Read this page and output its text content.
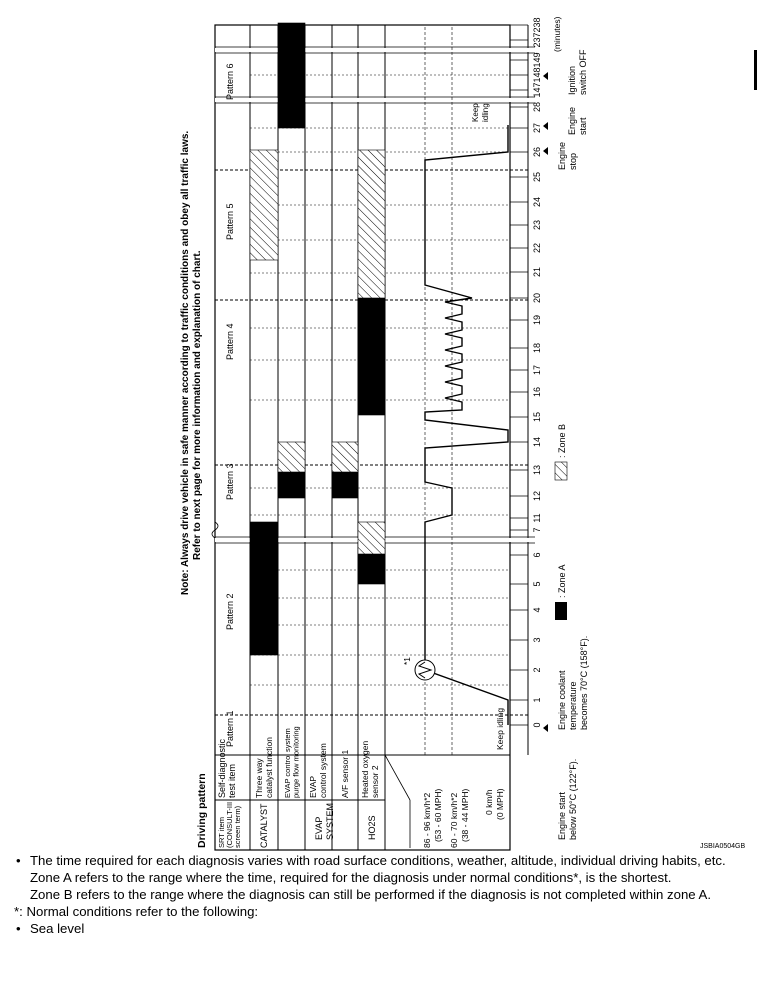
Driving pattern
Note: Always drive vehicle in safe manner according to traffic conditions and obey all traffic laws. Refer to next page for more information and explanation of chart.
SRT item (CONSULT-III screen term)
Self-diagnostic test item
CATALYST
Three way catalyst function
EVAP SYSTEM
EVAP control system purge flow monitoring EVAP control system
HO2S
A/F sensor 1 Heated oxygen sensor 2
86 - 96 km/h*2 (53 - 60 MPH) 60 - 70 km/h*2 (38 - 44 MPH) 0 km/h (0 MPH)
Keep idling
Pattern 1
Pattern 2
Pattern 3
Pattern 4
Pattern 5
Pattern 6
*1
Keep idling
0
1
2
3
4
5
6
7
11
12
13
14
15
16
17
18
19
20
21
22
23
24
25
26
27
28
147
148
149
237
238 (minutes)
Engine start below 50°C (122°F).
Engine coolant temperature becomes 70°C (158°F).
Engine stop
Engine start
Ignition switch OFF
: Zone A
: Zone B
JSBIA0504GB

• The time required for each diagnosis varies with road surface conditions, weather, altitude, individual driving habits, etc.

Zone A refers to the range where the time, required for the diagnosis under normal conditions*, is the shortest.

Zone B refers to the range where the diagnosis can still be performed if the diagnosis is not completed within zone A.

*: Normal conditions refer to the following:

• Sea level
